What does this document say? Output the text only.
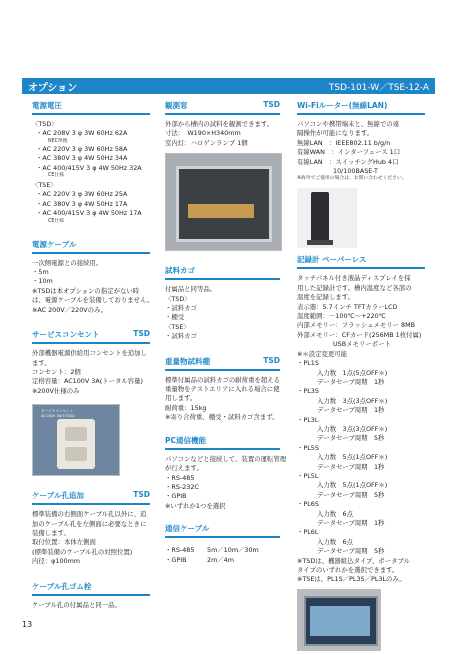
オプション	TSD-101-W／TSE-12-A
電源電圧
〈TSD〉
・AC 208V 3 φ 3W 60Hz 62A
NEC準拠
・AC 220V 3 φ 3W 60Hz 58A
・AC 380V 3 φ 4W 50Hz 34A
・AC 400/415V 3 φ 4W 50Hz 32A
CE仕様
〈TSE〉
・AC 220V 3 φ 3W 60Hz 25A
・AC 380V 3 φ 4W 50Hz 17A
・AC 400/415V 3 φ 4W 50Hz 17A
CE仕様
電源ケーブル
一次側電源との接続用。
・5m
・10m
※TSDは本オプションの指定がない時
は、電源ケーブルを装備しておりません。
※AC 200V／220Vのみ。
サービスコンセント	TSD
外部機器電源供給用コンセントを追加し
ます。
コンセント：2個
定格容量：AC100V 3A(トータル容量)
※200V仕様のみ
サービスコンセント
AC100V 3A(TOTAL)
ケーブル孔追加	TSD
標準装備の右側面ケーブル孔以外に、追
加のケーブル孔を左側面に必要なときに
装備します。
取付位置：本体左側面
(標準装備のケーブル孔の対照位置)
内径：φ100mm
ケーブル孔ゴム栓
ケーブル孔の付属品と同一品。
観測窓	TSD
外部から槽内の試料を観測できます。
寸法：　W190×H340mm
室内灯：ハロゲンランプ 1個
試料カゴ
付属品と同等品。
〈TSD〉
・試料カゴ
・棚受
〈TSE〉
・試料カゴ
重量物試料棚	TSD
標準付属品の試料カゴの耐荷重を超える
重量物をテストエリアに入れる場合に使
用します。
耐荷重：15kg
※寄り合荷重、棚受・試料カゴ含まず。
PC通信機能
パソコンなどと接続して、装置の運転管理
が行えます。
・RS-485
・RS-232C
・GPIB
※いずれか1つを選択
通信ケーブル
・RS-485 5m／10m／30m
・GPIB	2m／4m
Wi-Fiルーター(無線LAN)
パソコンや携帯端末と、無線での遠
隔操作が可能になります。
無線LAN　：IEEE802.11 b/g/n
有線WAN　：インターフェース 1口
有線LAN　：スイッチングHub 4口
10/100BASE-T
※海外でご使用の場合は、お問い合わせください。
記録計 ペーパーレス
タッチパネル付き液晶ディスプレイを採
用した記録計です。槽内温度など各部の
温度を記録します。
表示器：5.7インチ TFTカラーLCD
温度範囲：－100℃～+220℃
内部メモリー：フラッシュメモリー 8MB
外部メモリー：CFカード(256MB 1枚付属)
USBメモリーポート
※＊設定変更可能
・PL1S
入力数　1点(5点OFF＊)
データセーブ周期　1秒
・PL3S
入力数　3点(3点OFF＊)
データセーブ周期　1秒
・PL3L
入力数　3点(3点OFF＊)
データセーブ周期　5秒
・PL5S
入力数　5点(1点OFF＊)
データセーブ周期　1秒
・PL5L
入力数　5点(1点OFF＊)
データセーブ周期　5秒
・PL6S
入力数　6点
データセーブ周期　1秒
・PL6L
入力数　6点
データセーブ周期　5秒
※TSDは、機器組込タイプ、ポータブル
タイプのいずれかを選択できます。
※TSEは、PL1S／PL3S／PL3Lのみ。
13
